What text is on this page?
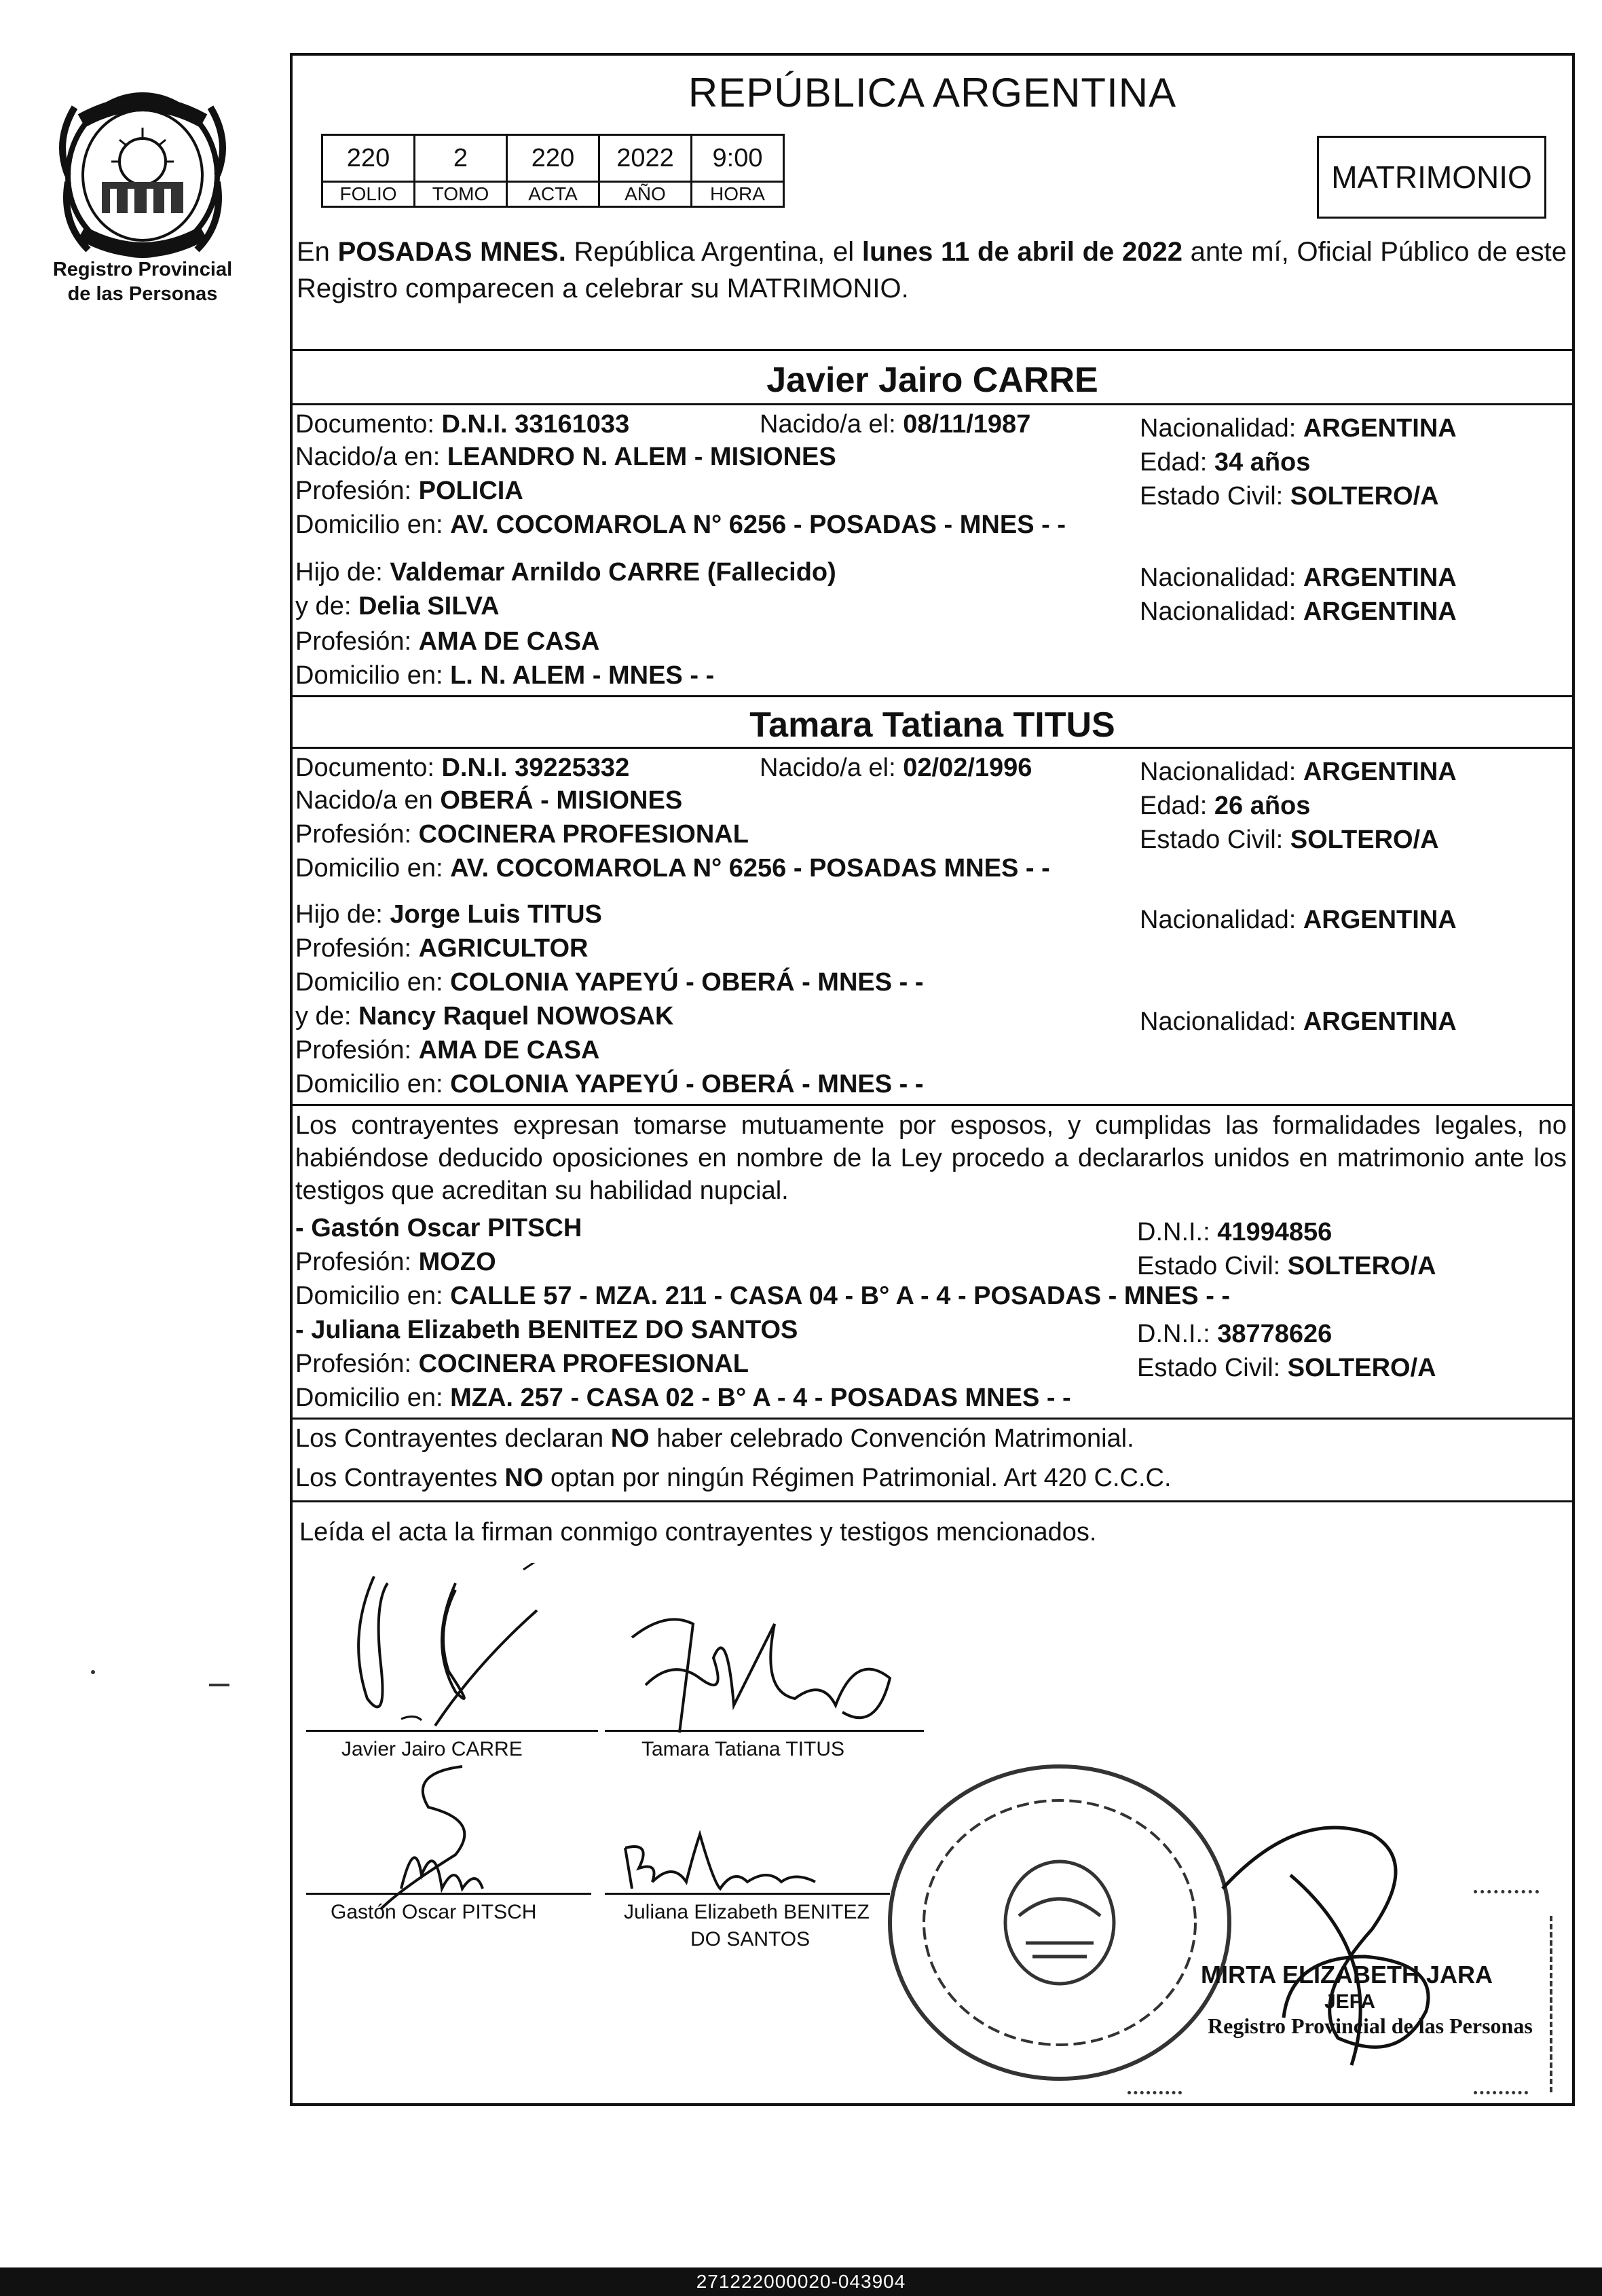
Registro Provincial
de las Personas
REPÚBLICA ARGENTINA
220	2	220	2022	9:00
FOLIO	TOMO	ACTA	AÑO	HORA	MATRIMONIO
En POSADAS MNES. República Argentina, el lunes 11 de abril de 2022 ante mí, Oficial Público de este Registro comparecen a celebrar su MATRIMONIO.
Javier Jairo CARRE
Documento: D.N.I. 33161033	Nacido/a el: 08/11/1987	Nacionalidad: ARGENTINA
Nacido/a en: LEANDRO N. ALEM - MISIONES	Edad: 34 años
Profesión: POLICIA	Estado Civil: SOLTERO/A
Domicilio en: AV. COCOMAROLA N° 6256 - POSADAS - MNES - -
Hijo de: Valdemar Arnildo CARRE (Fallecido)	Nacionalidad: ARGENTINA
y de: Delia SILVA	Nacionalidad: ARGENTINA
Profesión: AMA DE CASA
Domicilio en: L. N. ALEM - MNES - -
Tamara Tatiana TITUS
Documento: D.N.I. 39225332	Nacido/a el: 02/02/1996	Nacionalidad: ARGENTINA
Nacido/a en OBERÁ - MISIONES	Edad: 26 años
Profesión: COCINERA PROFESIONAL	Estado Civil: SOLTERO/A
Domicilio en: AV. COCOMAROLA N° 6256 - POSADAS MNES - -
Hijo de: Jorge Luis TITUS	Nacionalidad: ARGENTINA
Profesión: AGRICULTOR
Domicilio en: COLONIA YAPEYÚ - OBERÁ - MNES - -
y de: Nancy Raquel NOWOSAK	Nacionalidad: ARGENTINA
Profesión: AMA DE CASA
Domicilio en: COLONIA YAPEYÚ - OBERÁ - MNES - -
Los contrayentes expresan tomarse mutuamente por esposos, y cumplidas las formalidades legales, no habiéndose deducido oposiciones en nombre de la Ley procedo a declararlos unidos en matrimonio ante los testigos que acreditan su habilidad nupcial.
- Gastón Oscar PITSCH	D.N.I.: 41994856
Profesión: MOZO	Estado Civil: SOLTERO/A
Domicilio en: CALLE 57 - MZA. 211 - CASA 04 - B° A - 4 - POSADAS - MNES - -
- Juliana Elizabeth BENITEZ DO SANTOS	D.N.I.: 38778626
Profesión: COCINERA PROFESIONAL	Estado Civil: SOLTERO/A
Domicilio en: MZA. 257 - CASA 02 - B° A - 4 - POSADAS MNES - -
Los Contrayentes declaran NO haber celebrado Convención Matrimonial.
Los Contrayentes NO optan por ningún Régimen Patrimonial. Art 420 C.C.C.
Leída el acta la firman conmigo contrayentes y testigos mencionados.
Javier Jairo CARRE	Tamara Tatiana TITUS
Gastón Oscar PITSCH	Juliana Elizabeth BENITEZ
DO SANTOS
MIRTA ELIZABETH JARA
JEFA
Registro Provincial de las Personas
271222000020-043904
